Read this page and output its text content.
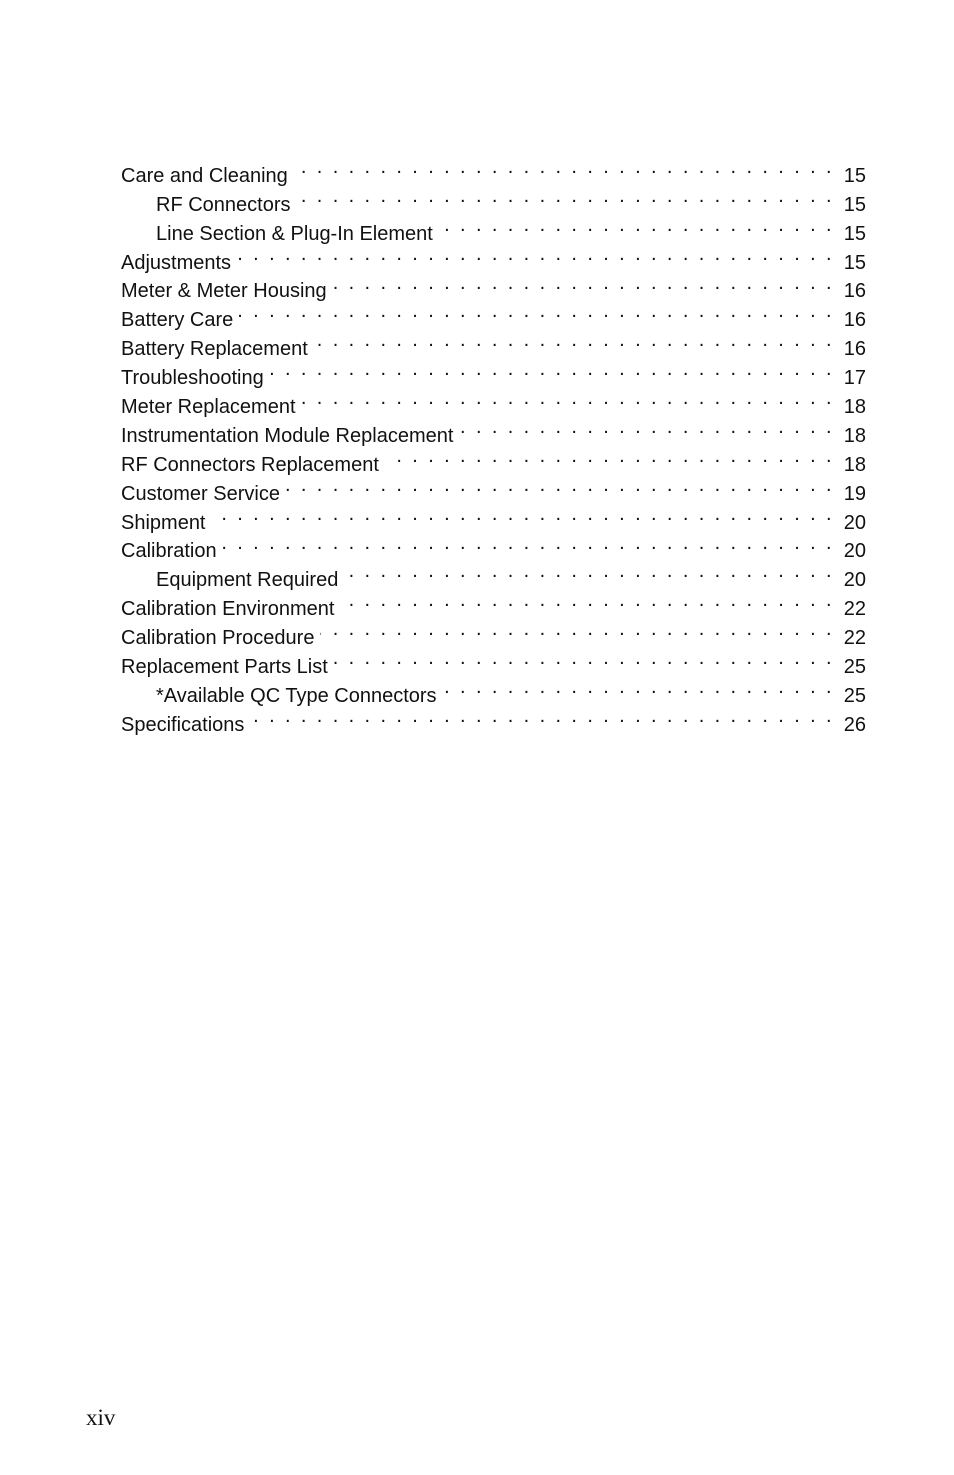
Care and Cleaning . . .	15
RF Connectors . . .	15
Line Section & Plug-In Element . . .	15
Adjustments . . .	15
Meter & Meter Housing . . .	16
Battery Care . . .	16
Battery Replacement . . .	16
Troubleshooting . . .	17
Meter Replacement . . .	18
Instrumentation Module Replacement . . .	18
RF Connectors Replacement . . .	18
Customer Service . . .	19
Shipment . . .	20
Calibration . . .	20
Equipment Required . . .	20
Calibration Environment . . .	22
Calibration Procedure . . .	22
Replacement Parts List . . .	25
*Available QC Type Connectors . . .	25
Specifications . . .	26
xiv
